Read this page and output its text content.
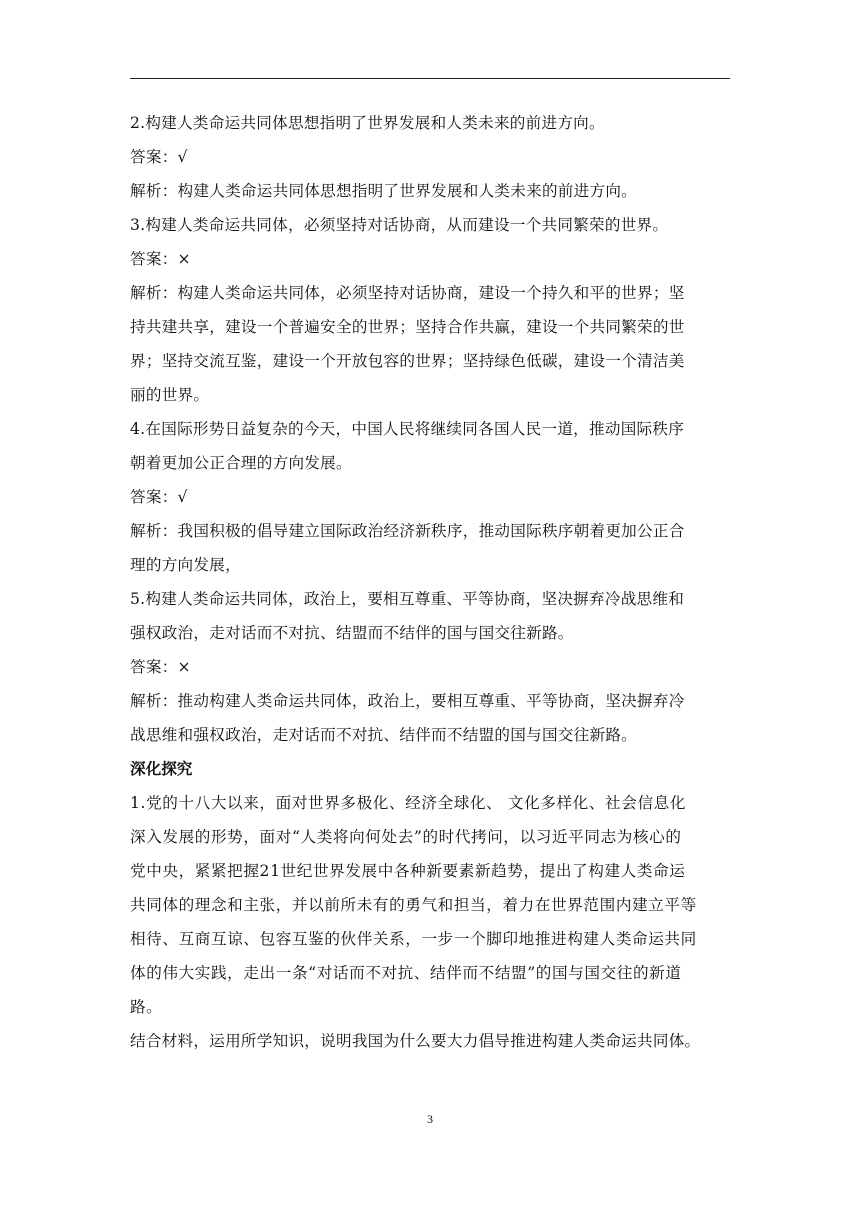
2.构建人类命运共同体思想指明了世界发展和人类未来的前进方向。
答案：√
解析：构建人类命运共同体思想指明了世界发展和人类未来的前进方向。
3.构建人类命运共同体，必须坚持对话协商，从而建设一个共同繁荣的世界。
答案：×
解析：构建人类命运共同体，必须坚持对话协商，建设一个持久和平的世界；坚
持共建共享，建设一个普遍安全的世界；坚持合作共赢，建设一个共同繁荣的世
界；坚持交流互鉴，建设一个开放包容的世界；坚持绿色低碳，建设一个清洁美
丽的世界。
4.在国际形势日益复杂的今天，中国人民将继续同各国人民一道，推动国际秩序
朝着更加公正合理的方向发展。
答案：√
解析：我国积极的倡导建立国际政治经济新秩序，推动国际秩序朝着更加公正合
理的方向发展，
5.构建人类命运共同体，政治上，要相互尊重、平等协商，坚决摒弃冷战思维和
强权政治，走对话而不对抗、结盟而不结伴的国与国交往新路。
答案：×
解析：推动构建人类命运共同体，政治上，要相互尊重、平等协商，坚决摒弃冷
战思维和强权政治，走对话而不对抗、结伴而不结盟的国与国交往新路。
深化探究
1.党的十八大以来，面对世界多极化、经济全球化、 文化多样化、社会信息化
深入发展的形势，面对“人类将向何处去”的时代拷问，以习近平同志为核心的
党中央，紧紧把握21世纪世界发展中各种新要素新趋势，提出了构建人类命运
共同体的理念和主张，并以前所未有的勇气和担当，着力在世界范围内建立平等
相待、互商互谅、包容互鉴的伙伴关系，一步一个脚印地推进构建人类命运共同
体的伟大实践，走出一条“对话而不对抗、结伴而不结盟”的国与国交往的新道
路。
结合材料，运用所学知识，说明我国为什么要大力倡导推进构建人类命运共同体。
3
